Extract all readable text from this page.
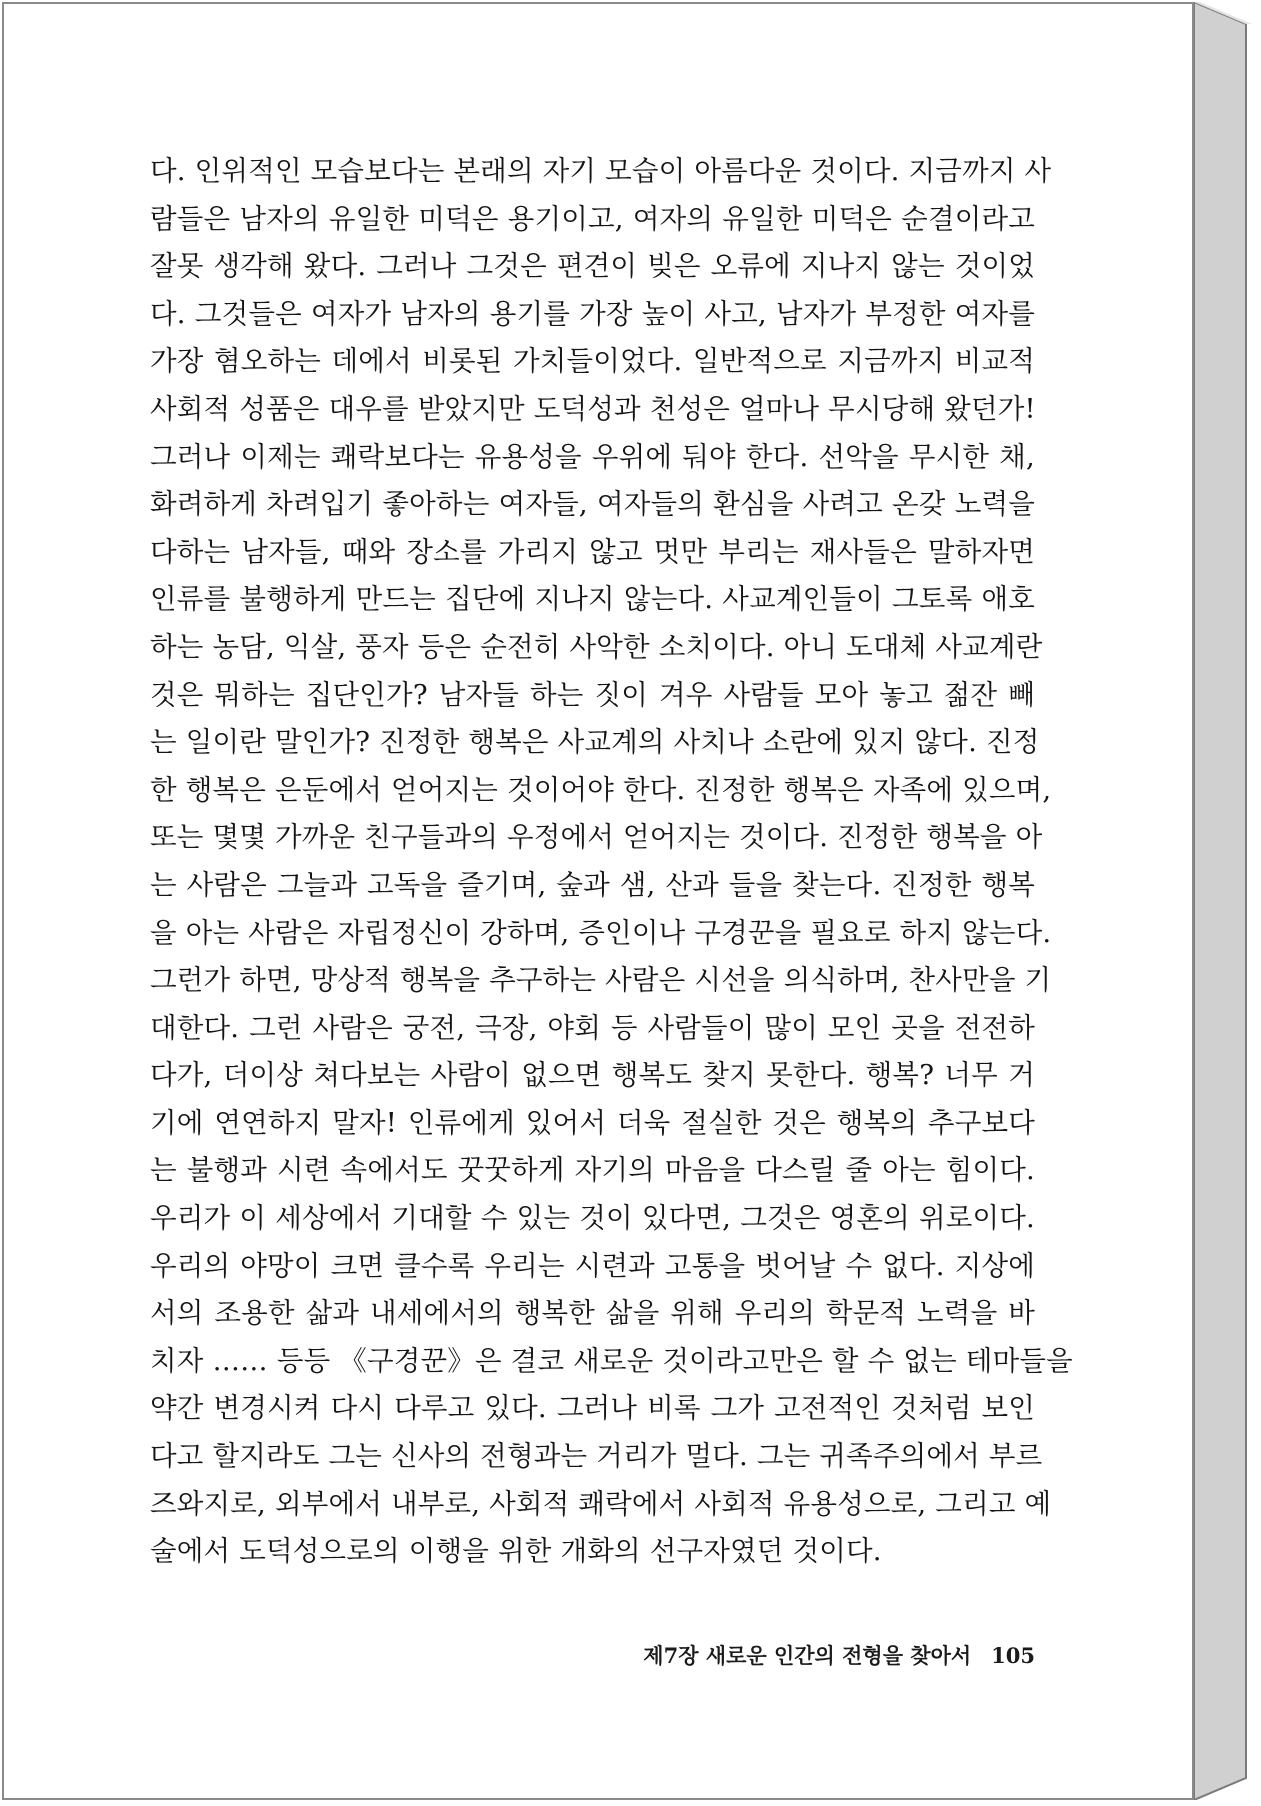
다. 인위적인 모습보다는 본래의 자기 모습이 아름다운 것이다. 지금까지 사
람들은 남자의 유일한 미덕은 용기이고, 여자의 유일한 미덕은 순결이라고
잘못 생각해 왔다. 그러나 그것은 편견이 빚은 오류에 지나지 않는 것이었
다. 그것들은 여자가 남자의 용기를 가장 높이 사고, 남자가 부정한 여자를
가장 혐오하는 데에서 비롯된 가치들이었다. 일반적으로 지금까지 비교적
사회적 성품은 대우를 받았지만 도덕성과 천성은 얼마나 무시당해 왔던가!
그러나 이제는 쾌락보다는 유용성을 우위에 둬야 한다. 선악을 무시한 채,
화려하게 차려입기 좋아하는 여자들, 여자들의 환심을 사려고 온갖 노력을
다하는 남자들, 때와 장소를 가리지 않고 멋만 부리는 재사들은 말하자면
인류를 불행하게 만드는 집단에 지나지 않는다. 사교계인들이 그토록 애호
하는 농담, 익살, 풍자 등은 순전히 사악한 소치이다. 아니 도대체 사교계란
것은 뭐하는 집단인가? 남자들 하는 짓이 겨우 사람들 모아 놓고 젊잔 빼
는 일이란 말인가? 진정한 행복은 사교계의 사치나 소란에 있지 않다. 진정
한 행복은 은둔에서 얻어지는 것이어야 한다. 진정한 행복은 자족에 있으며,
또는 몇몇 가까운 친구들과의 우정에서 얻어지는 것이다. 진정한 행복을 아
는 사람은 그늘과 고독을 즐기며, 숲과 샘, 산과 들을 찾는다. 진정한 행복
을 아는 사람은 자립정신이 강하며, 증인이나 구경꾼을 필요로 하지 않는다.
그런가 하면, 망상적 행복을 추구하는 사람은 시선을 의식하며, 찬사만을 기
대한다. 그런 사람은 궁전, 극장, 야회 등 사람들이 많이 모인 곳을 전전하
다가, 더이상 쳐다보는 사람이 없으면 행복도 찾지 못한다. 행복? 너무 거
기에 연연하지 말자! 인류에게 있어서 더욱 절실한 것은 행복의 추구보다
는 불행과 시련 속에서도 꿋꿋하게 자기의 마음을 다스릴 줄 아는 힘이다.
우리가 이 세상에서 기대할 수 있는 것이 있다면, 그것은 영혼의 위로이다.
우리의 야망이 크면 클수록 우리는 시련과 고통을 벗어날 수 없다. 지상에
서의 조용한 삶과 내세에서의 행복한 삶을 위해 우리의 학문적 노력을 바
치자 …… 등등 《구경꾼》은 결코 새로운 것이라고만은 할 수 없는 테마들을
약간 변경시켜 다시 다루고 있다. 그러나 비록 그가 고전적인 것처럼 보인
다고 할지라도 그는 신사의 전형과는 거리가 멀다. 그는 귀족주의에서 부르
즈와지로, 외부에서 내부로, 사회적 쾌락에서 사회적 유용성으로, 그리고 예
술에서 도덕성으로의 이행을 위한 개화의 선구자였던 것이다.
제7장 새로운 인간의 전형을 찾아서 105
